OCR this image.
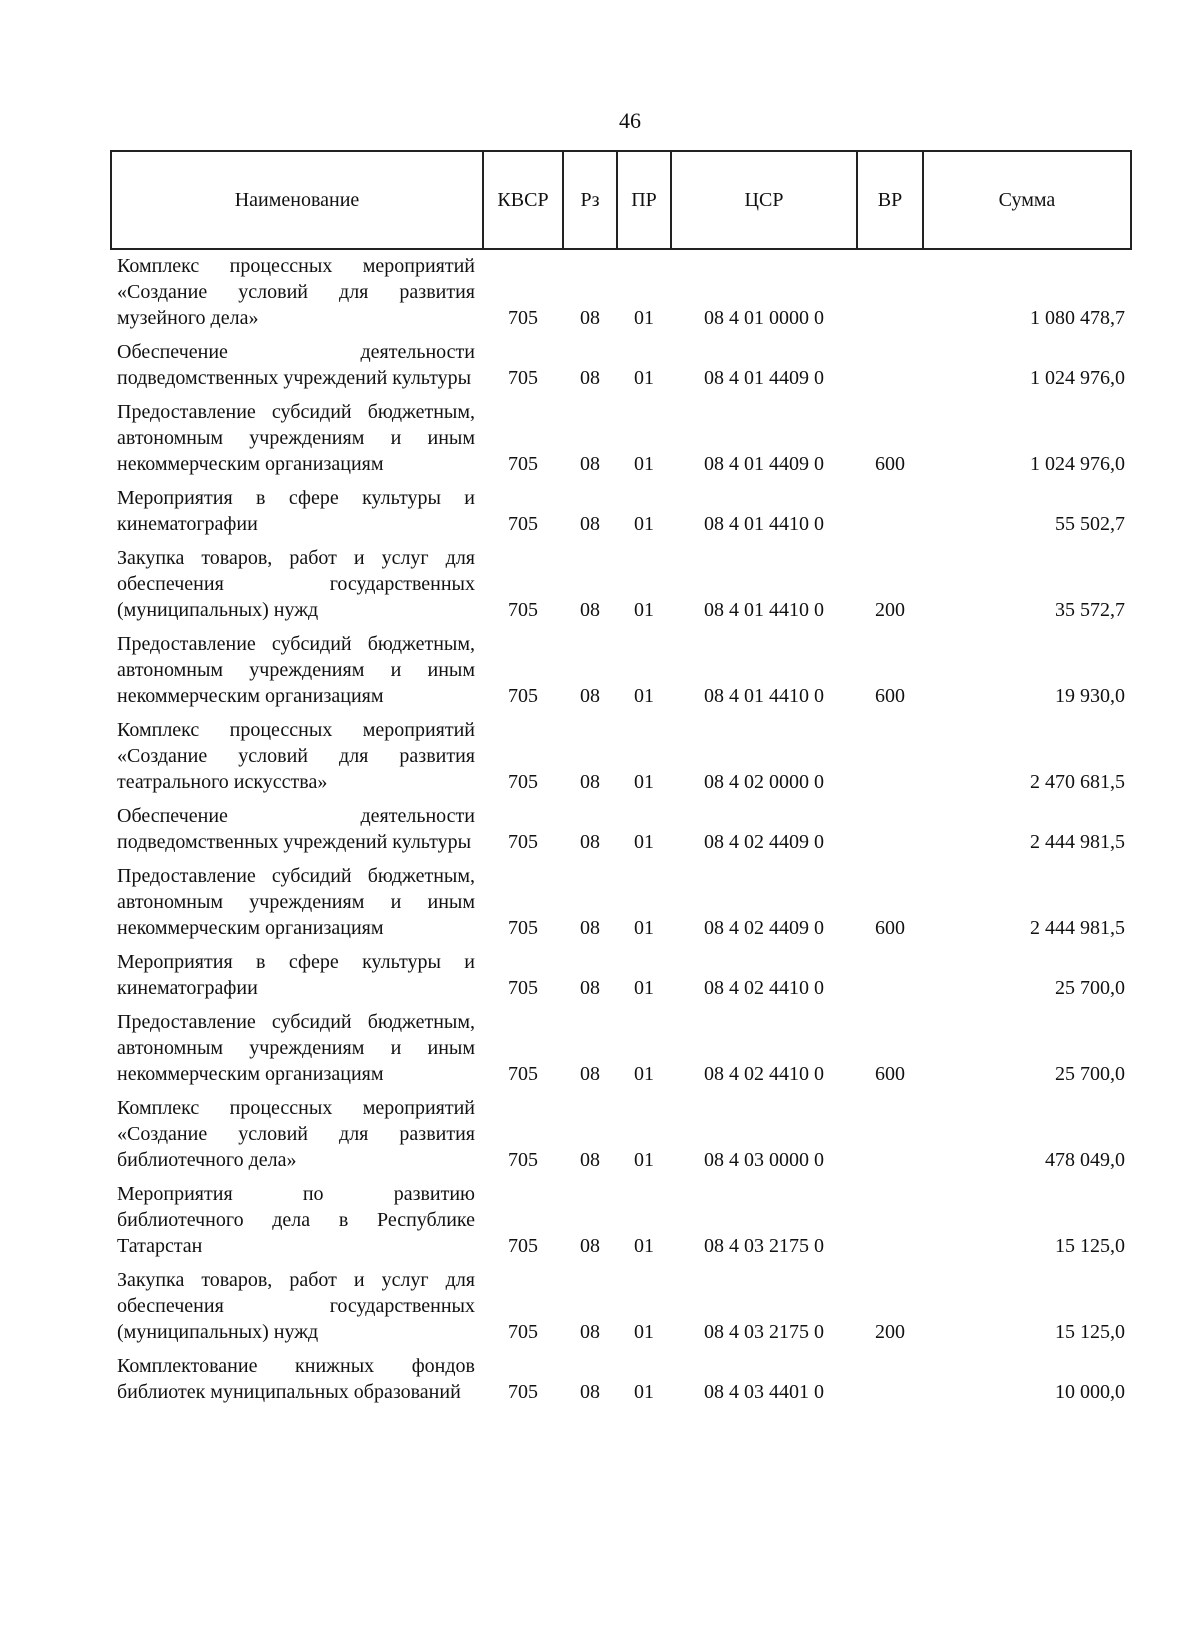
46
Наименование	КВСР	Рз	ПР	ЦСР	ВР	Сумма
Комплекс процессных мероприятий «Создание условий для развития музейного дела»	705	08	01	08 4 01 0000 0		1 080 478,7
Обеспечение деятельности подведомственных учреждений культуры	705	08	01	08 4 01 4409 0		1 024 976,0
Предоставление субсидий бюджетным, автономным учреждениям и иным некоммерческим организациям	705	08	01	08 4 01 4409 0	600	1 024 976,0
Мероприятия в сфере культуры и кинематографии	705	08	01	08 4 01 4410 0		55 502,7
Закупка товаров, работ и услуг для обеспечения государственных (муниципальных) нужд	705	08	01	08 4 01 4410 0	200	35 572,7
Предоставление субсидий бюджетным, автономным учреждениям и иным некоммерческим организациям	705	08	01	08 4 01 4410 0	600	19 930,0
Комплекс процессных мероприятий «Создание условий для развития театрального искусства»	705	08	01	08 4 02 0000 0		2 470 681,5
Обеспечение деятельности подведомственных учреждений культуры	705	08	01	08 4 02 4409 0		2 444 981,5
Предоставление субсидий бюджетным, автономным учреждениям и иным некоммерческим организациям	705	08	01	08 4 02 4409 0	600	2 444 981,5
Мероприятия в сфере культуры и кинематографии	705	08	01	08 4 02 4410 0		25 700,0
Предоставление субсидий бюджетным, автономным учреждениям и иным некоммерческим организациям	705	08	01	08 4 02 4410 0	600	25 700,0
Комплекс процессных мероприятий «Создание условий для развития библиотечного дела»	705	08	01	08 4 03 0000 0		478 049,0
Мероприятия по развитию библиотечного дела в Республике Татарстан	705	08	01	08 4 03 2175 0		15 125,0
Закупка товаров, работ и услуг для обеспечения государственных (муниципальных) нужд	705	08	01	08 4 03 2175 0	200	15 125,0
Комплектование книжных фондов библиотек муниципальных образований	705	08	01	08 4 03 4401 0		10 000,0
